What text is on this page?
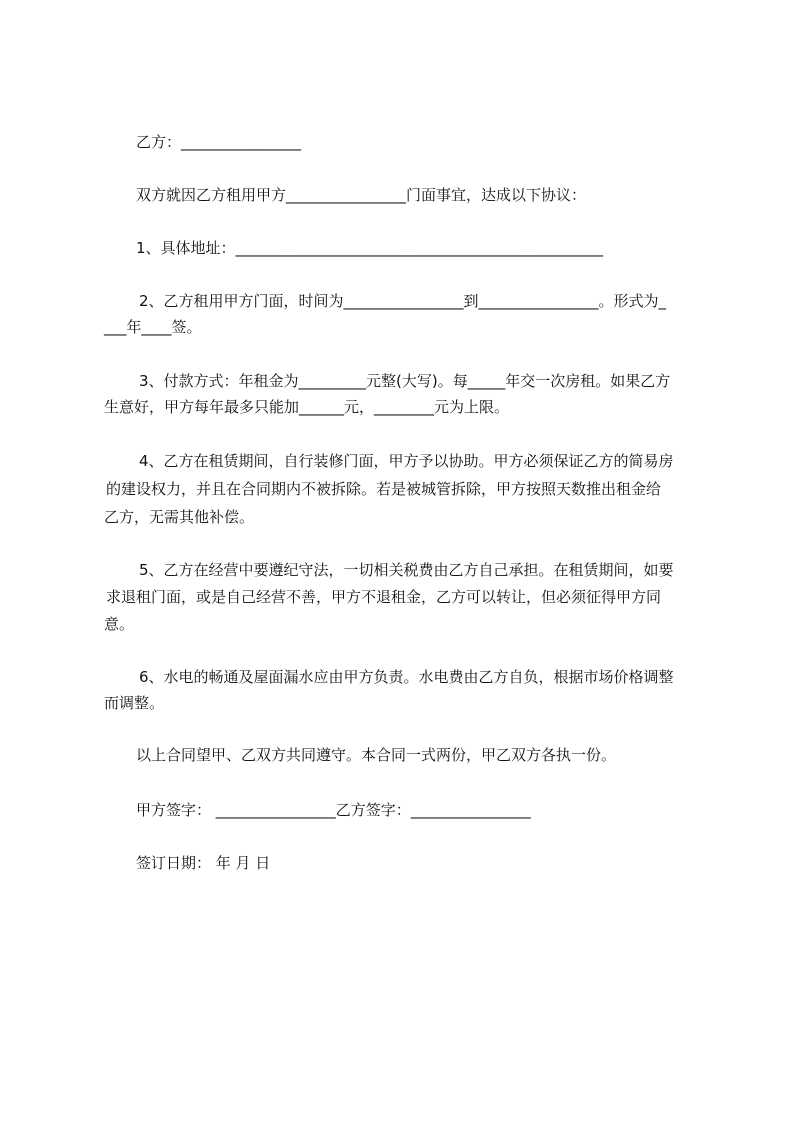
乙方：________________
双方就因乙方租用甲方________________门面事宜，达成以下协议：
1、具体地址：_________________________________________________
2、乙方租用甲方门面，时间为________________到________________。形式为_
___年____签。
3、付款方式：年租金为_________元整(大写)。每_____年交一次房租。如果乙方
生意好，甲方每年最多只能加______元，________元为上限。
4、乙方在租赁期间，自行装修门面，甲方予以协助。甲方必须保证乙方的简易房
的建设权力，并且在合同期内不被拆除。若是被城管拆除，甲方按照天数推出租金给
乙方，无需其他补偿。
5、乙方在经营中要遵纪守法，一切相关税费由乙方自己承担。在租赁期间，如要
求退租门面，或是自己经营不善，甲方不退租金，乙方可以转让，但必须征得甲方同
意。
6、水电的畅通及屋面漏水应由甲方负责。水电费由乙方自负，根据市场价格调整
而调整。
以上合同望甲、乙双方共同遵守。本合同一式两份，甲乙双方各执一份。
甲方签字： ________________乙方签字：________________
签订日期： 年 月 日
